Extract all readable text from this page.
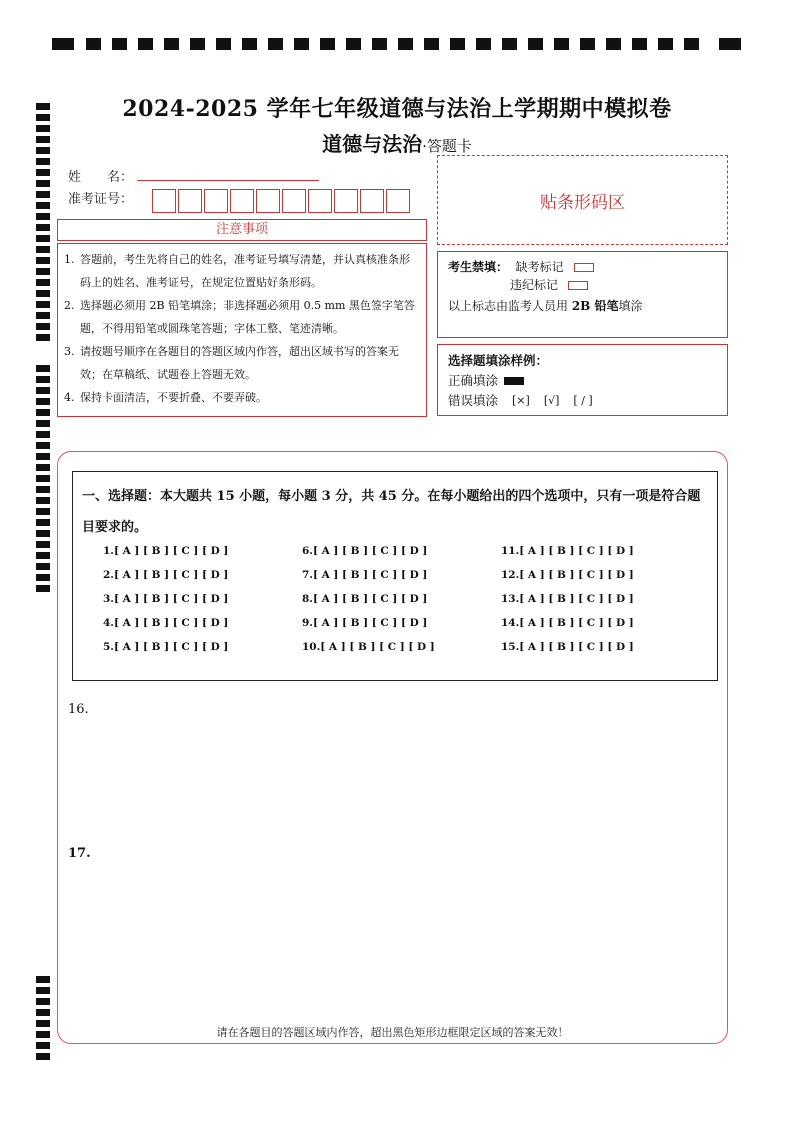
2024-2025 学年七年级道德与法治上学期期中模拟卷
道德与法治·答题卡
姓　　名：
准考证号：	贴条形码区
注意事项
1. 答题前，考生先将自己的姓名，准考证号填写清楚，并认真核准条形码上的姓名、准考证号，在规定位置贴好条形码。
2. 选择题必须用 2B 铅笔填涂；非选择题必须用 0.5 mm 黑色签字笔答题，不得用铅笔或圆珠笔答题；字体工整、笔迹清晰。
3. 请按题号顺序在各题目的答题区域内作答，超出区域书写的答案无效；在草稿纸、试题卷上答题无效。
4. 保持卡面清洁，不要折叠、不要弄破。
考生禁填：
缺考标记
违纪标记
以上标志由监考人员用 2B 铅笔填涂
选择题填涂样例：
正确填涂
错误填涂 [×] [√] [ / ]
一、选择题：本大题共 15 小题，每小题 3 分，共 45 分。在每小题给出的四个选项中，只有一项是符合题目要求的。
1.[ A ] [ B ] [ C ] [ D ]
2.[ A ] [ B ] [ C ] [ D ]
3.[ A ] [ B ] [ C ] [ D ]
4.[ A ] [ B ] [ C ] [ D ]
5.[ A ] [ B ] [ C ] [ D ]
6.[ A ] [ B ] [ C ] [ D ]
7.[ A ] [ B ] [ C ] [ D ]
8.[ A ] [ B ] [ C ] [ D ]
9.[ A ] [ B ] [ C ] [ D ]
10.[ A ] [ B ] [ C ] [ D ]
11.[ A ] [ B ] [ C ] [ D ]
12.[ A ] [ B ] [ C ] [ D ]
13.[ A ] [ B ] [ C ] [ D ]
14.[ A ] [ B ] [ C ] [ D ]
15.[ A ] [ B ] [ C ] [ D ]
16.
17.
请在各题目的答题区域内作答，超出黑色矩形边框限定区域的答案无效！
